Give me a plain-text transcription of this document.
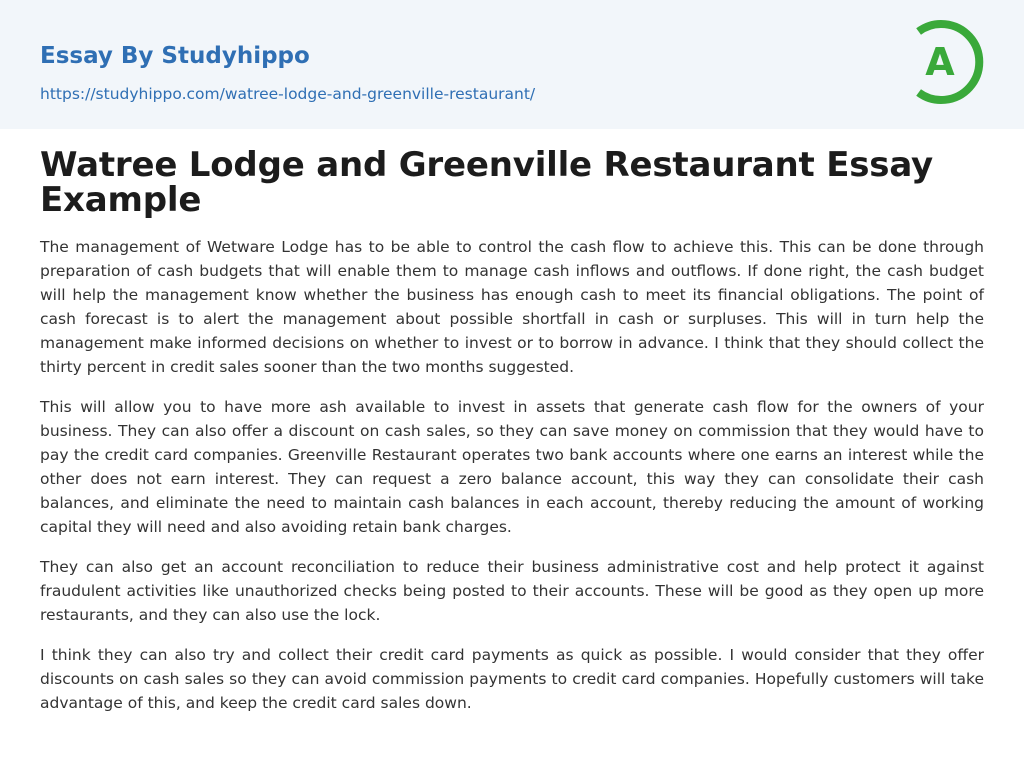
Essay By Studyhippo
https://studyhippo.com/watree-lodge-and-greenville-restaurant/
A
Watree Lodge and Greenville Restaurant Essay Example

The management of Wetware Lodge has to be able to control the cash flow to achieve this. This can be done through preparation of cash budgets that will enable them to manage cash inflows and outflows. If done right, the cash budget will help the management know whether the business has enough cash to meet its financial obligations. The point of cash forecast is to alert the management about possible shortfall in cash or surpluses. This will in turn help the management make informed decisions on whether to invest or to borrow in advance. I think that they should collect the thirty percent in credit sales sooner than the two months suggested.

This will allow you to have more ash available to invest in assets that generate cash flow for the owners of your business. They can also offer a discount on cash sales, so they can save money on commission that they would have to pay the credit card companies. Greenville Restaurant operates two bank accounts where one earns an interest while the other does not earn interest. They can request a zero balance account, this way they can consolidate their cash balances, and eliminate the need to maintain cash balances in each account, thereby reducing the amount of working capital they will need and also avoiding retain bank charges.

They can also get an account reconciliation to reduce their business administrative cost and help protect it against fraudulent activities like unauthorized checks being posted to their accounts. These will be good as they open up more restaurants, and they can also use the lock.

I think they can also try and collect their credit card payments as quick as possible. I would consider that they offer discounts on cash sales so they can avoid commission payments to credit card companies. Hopefully customers will take advantage of this, and keep the credit card sales down.
